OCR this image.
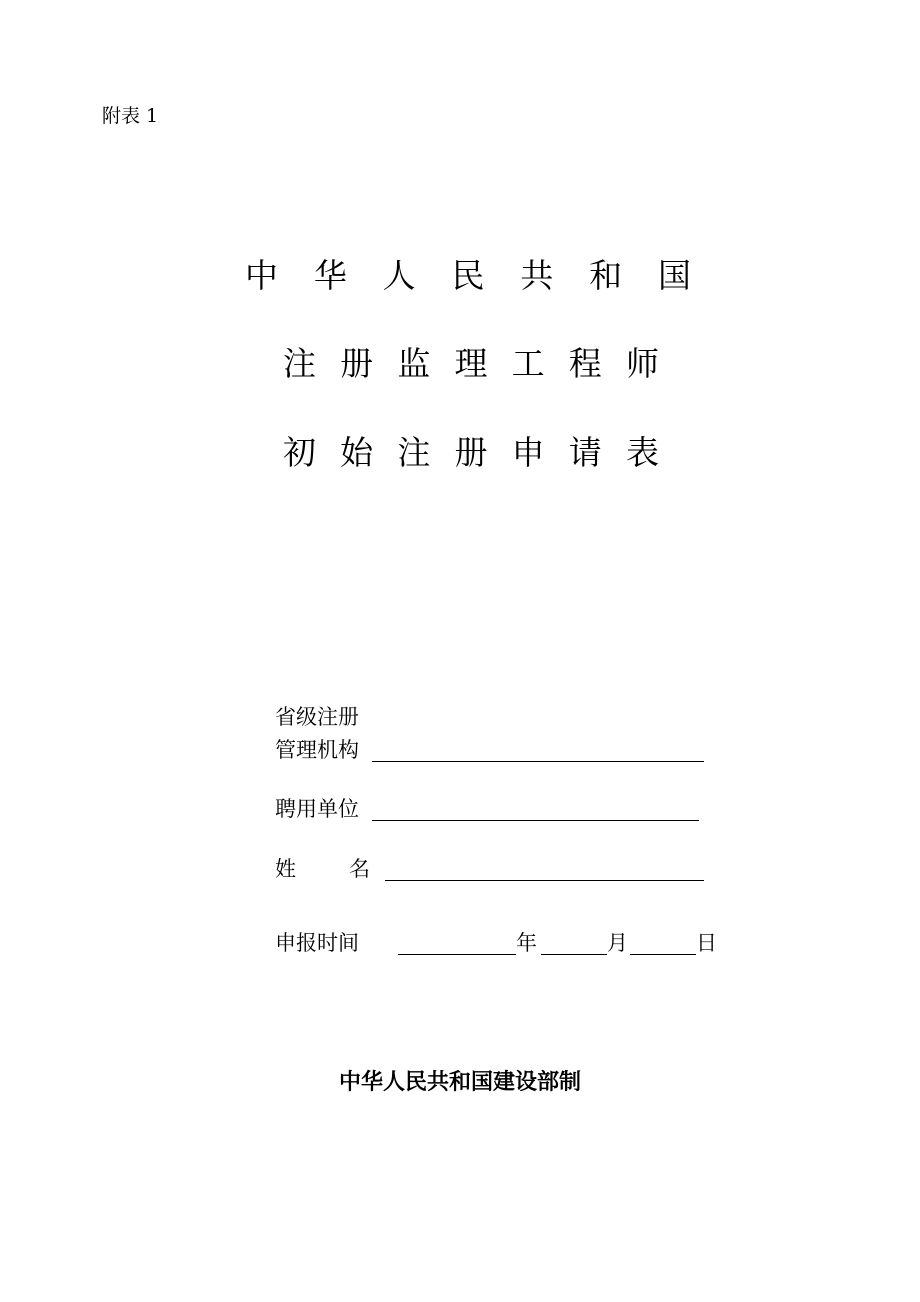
附表 1
中 华 人 民 共 和 国
注 册 监 理 工 程 师
初 始 注 册 申 请 表
省级注册
管理机构
聘用单位
姓	名
申报时间	年	月	日
中华人民共和国建设部制
